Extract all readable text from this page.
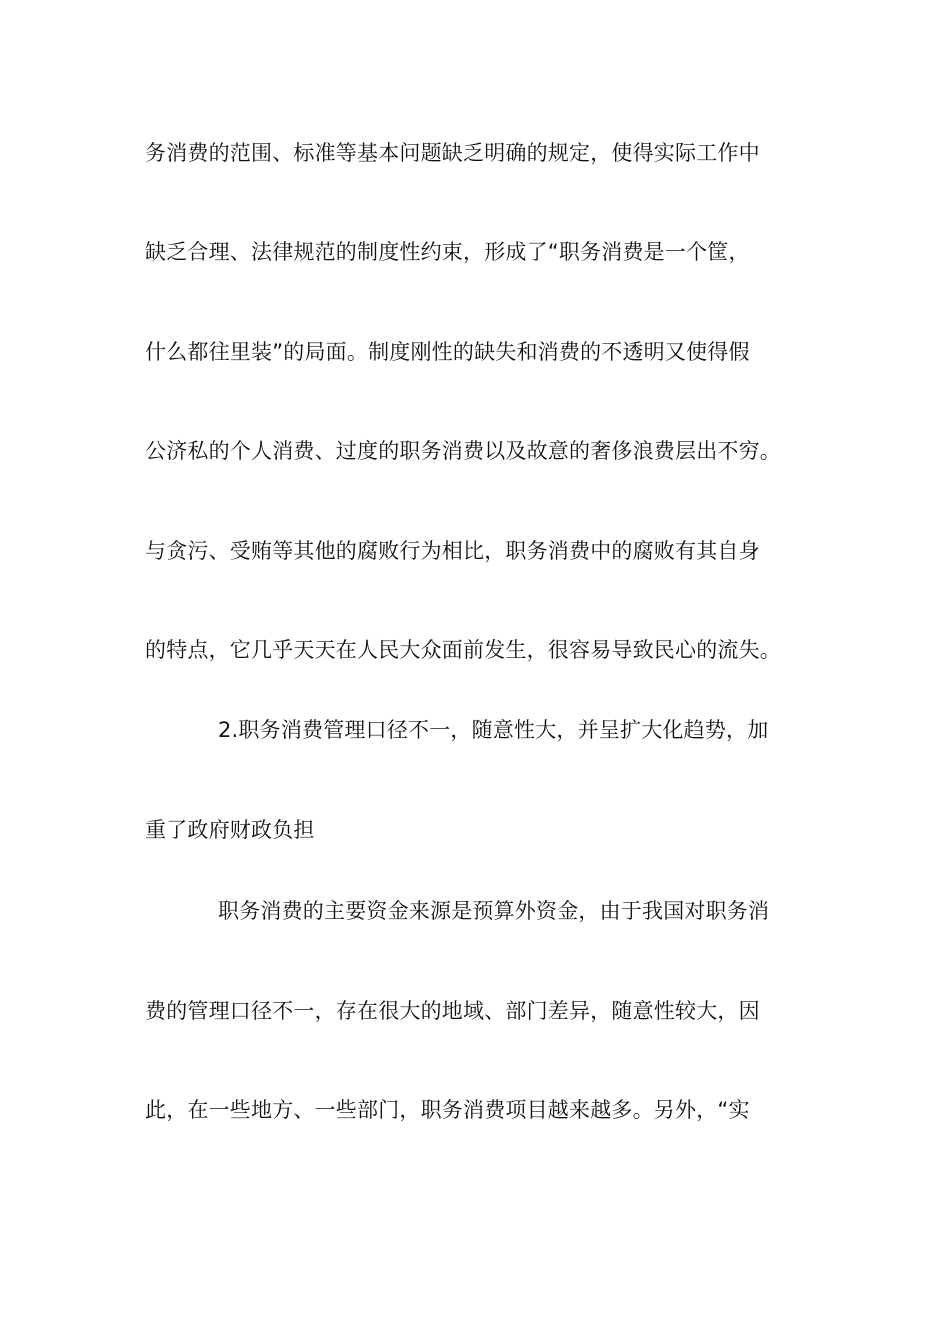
务消费的范围、标准等基本问题缺乏明确的规定，使得实际工作中
缺乏合理、法律规范的制度性约束，形成了“职务消费是一个筐，
什么都往里装”的局面。制度刚性的缺失和消费的不透明又使得假
公济私的个人消费、过度的职务消费以及故意的奢侈浪费层出不穷。
与贪污、受贿等其他的腐败行为相比，职务消费中的腐败有其自身
的特点，它几乎天天在人民大众面前发生，很容易导致民心的流失。
2.职务消费管理口径不一，随意性大，并呈扩大化趋势，加
重了政府财政负担
职务消费的主要资金来源是预算外资金，由于我国对职务消
费的管理口径不一，存在很大的地域、部门差异，随意性较大，因
此，在一些地方、一些部门，职务消费项目越来越多。另外，“实
